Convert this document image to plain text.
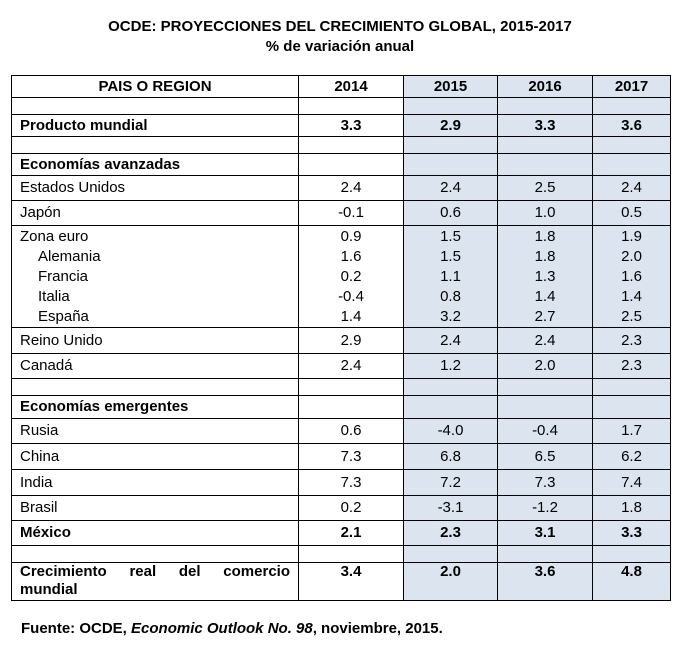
OCDE: PROYECCIONES DEL CRECIMIENTO GLOBAL, 2015-2017
% de variación anual
PAIS O REGION	2014	2015	2016	2017

Producto mundial	3.3	2.9	3.3	3.6

Economías avanzadas				
Estados Unidos	2.4	2.4	2.5	2.4
Japón	-0.1	0.6	1.0	0.5
Zona euro	0.9	1.5	1.8	1.9
Alemania	1.6	1.5	1.8	2.0
Francia	0.2	1.1	1.3	1.6
Italia	-0.4	0.8	1.4	1.4
España	1.4	3.2	2.7	2.5
Reino Unido	2.9	2.4	2.4	2.3
Canadá	2.4	1.2	2.0	2.3

Economías emergentes				
Rusia	0.6	-4.0	-0.4	1.7
China	7.3	6.8	6.5	6.2
India	7.3	7.2	7.3	7.4
Brasil	0.2	-3.1	-1.2	1.8
México	2.1	2.3	3.1	3.3

Crecimiento real del comercio mundial	3.4	2.0	3.6	4.8
Fuente: OCDE, Economic Outlook No. 98, noviembre, 2015.
